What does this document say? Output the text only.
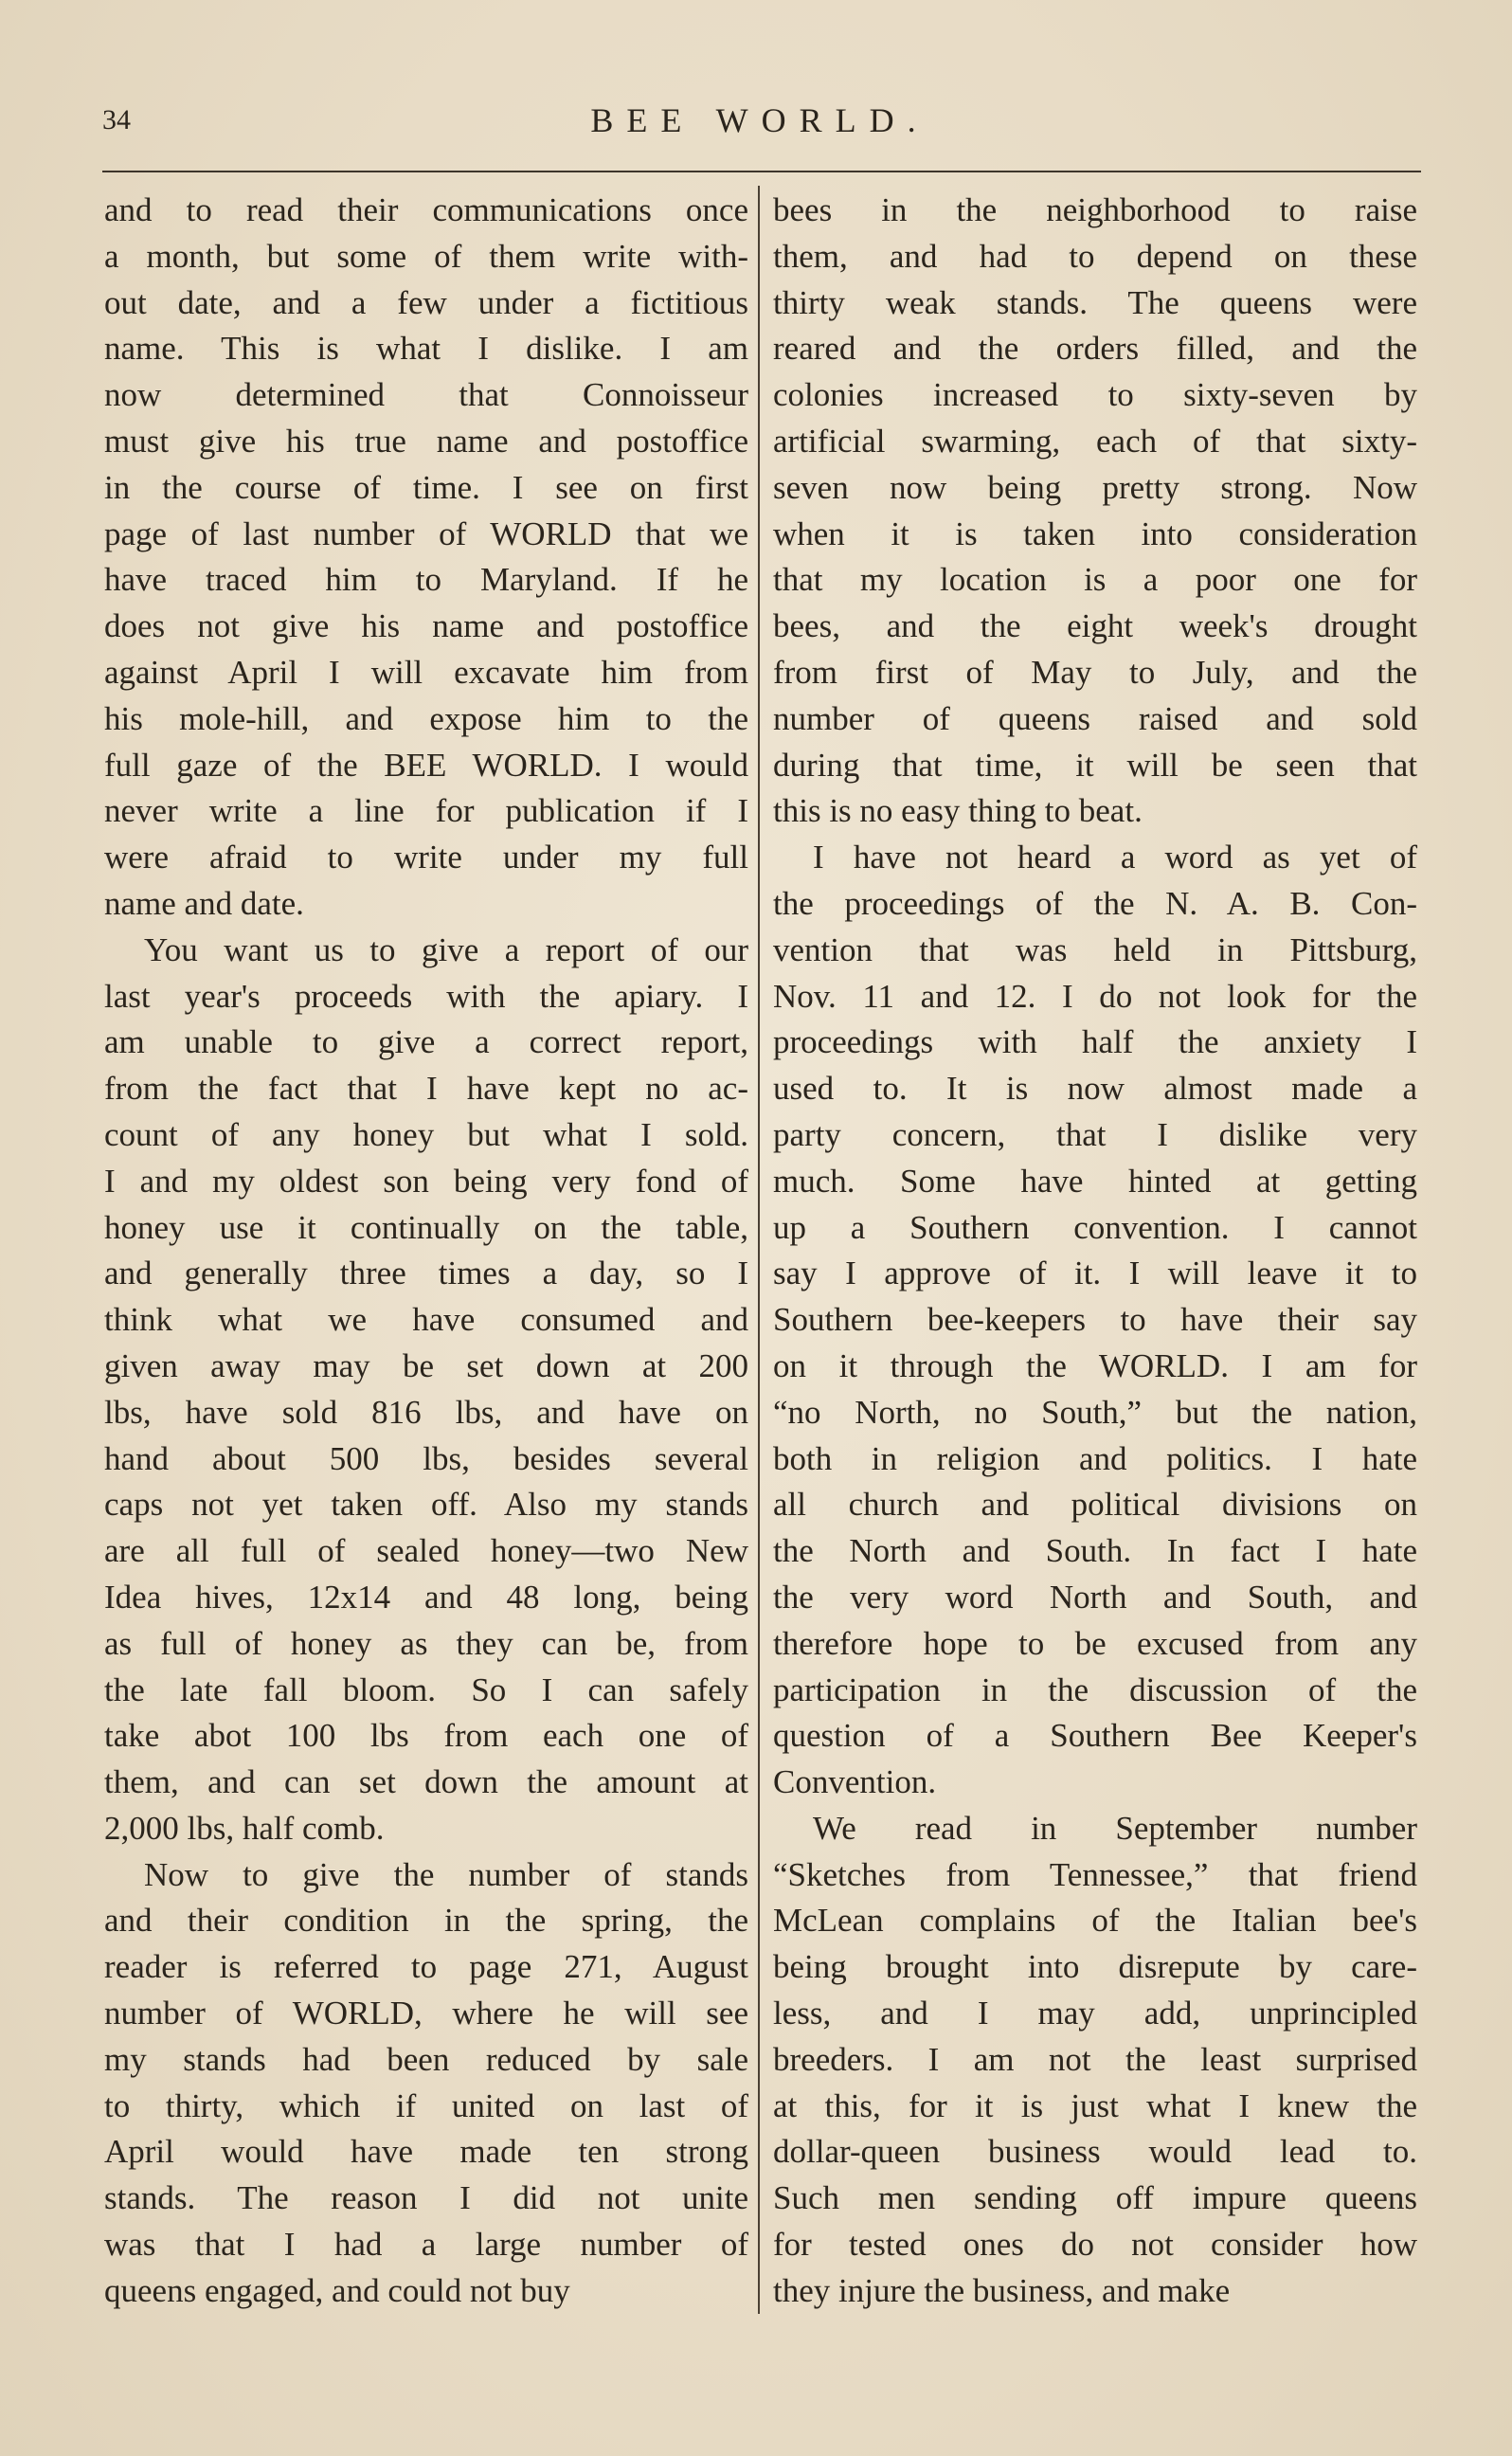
34	BEE WORLD.
and to read their communications once
a month, but some of them write with-
out date, and a few under a fictitious
name. This is what I dislike. I am
now determined that Connoisseur
must give his true name and postoffice
in the course of time. I see on first
page of last number of WORLD that we
have traced him to Maryland. If he
does not give his name and postoffice
against April I will excavate him from
his mole-hill, and expose him to the
full gaze of the BEE WORLD. I would
never write a line for publication if I
were afraid to write under my full
name and date.
You want us to give a report of our
last year's proceeds with the apiary. I
am unable to give a correct report,
from the fact that I have kept no ac-
count of any honey but what I sold.
I and my oldest son being very fond of
honey use it continually on the table,
and generally three times a day, so I
think what we have consumed and
given away may be set down at 200
lbs, have sold 816 lbs, and have on
hand about 500 lbs, besides several
caps not yet taken off. Also my stands
are all full of sealed honey—two New
Idea hives, 12x14 and 48 long, being
as full of honey as they can be, from
the late fall bloom. So I can safely
take abot 100 lbs from each one of
them, and can set down the amount at
2,000 lbs, half comb.
Now to give the number of stands
and their condition in the spring, the
reader is referred to page 271, August
number of WORLD, where he will see
my stands had been reduced by sale
to thirty, which if united on last of
April would have made ten strong
stands. The reason I did not unite
was that I had a large number of
queens engaged, and could not buy
bees in the neighborhood to raise
them, and had to depend on these
thirty weak stands. The queens were
reared and the orders filled, and the
colonies increased to sixty-seven by
artificial swarming, each of that sixty-
seven now being pretty strong. Now
when it is taken into consideration
that my location is a poor one for
bees, and the eight week's drought
from first of May to July, and the
number of queens raised and sold
during that time, it will be seen that
this is no easy thing to beat.
I have not heard a word as yet of
the proceedings of the N. A. B. Con-
vention that was held in Pittsburg,
Nov. 11 and 12. I do not look for the
proceedings with half the anxiety I
used to. It is now almost made a
party concern, that I dislike very
much. Some have hinted at getting
up a Southern convention. I cannot
say I approve of it. I will leave it to
Southern bee-keepers to have their say
on it through the WORLD. I am for
“no North, no South,” but the nation,
both in religion and politics. I hate
all church and political divisions on
the North and South. In fact I hate
the very word North and South, and
therefore hope to be excused from any
participation in the discussion of the
question of a Southern Bee Keeper's
Convention.
We read in September number
“Sketches from Tennessee,” that friend
McLean complains of the Italian bee's
being brought into disrepute by care-
less, and I may add, unprincipled
breeders. I am not the least surprised
at this, for it is just what I knew the
dollar-queen business would lead to.
Such men sending off impure queens
for tested ones do not consider how
they injure the business, and make
